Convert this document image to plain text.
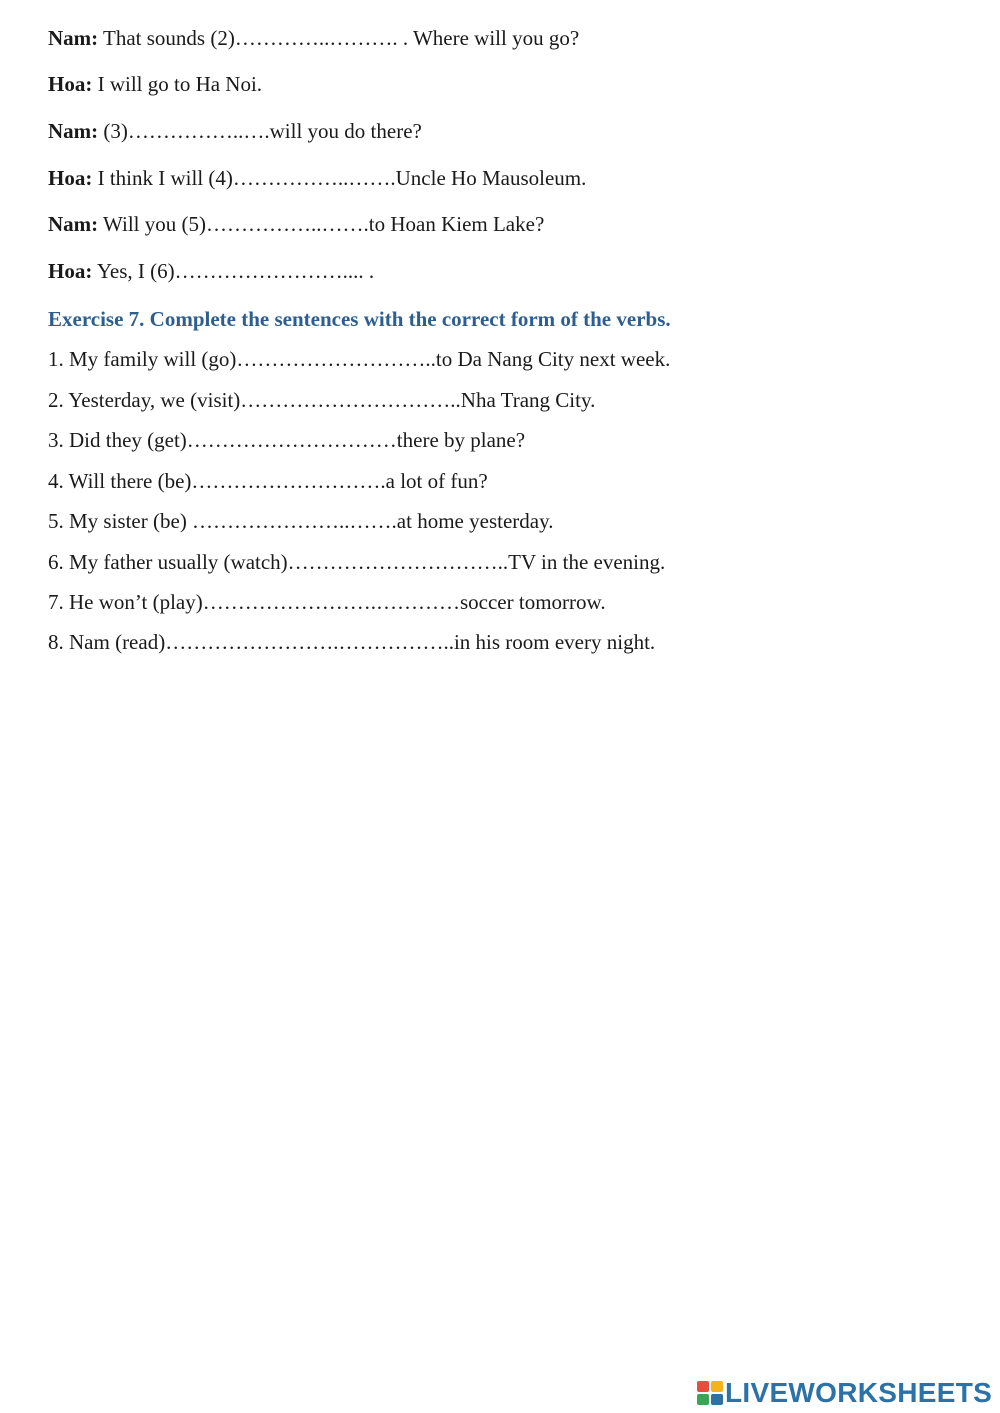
Nam: That sounds (2)…………..………. . Where will you go?
Hoa: I will go to Ha Noi.
Nam: (3)……………..….will you do there?
Hoa: I think I will (4)……………..…….Uncle Ho Mausoleum.
Nam: Will you (5)……………..…….to Hoan Kiem Lake?
Hoa: Yes, I (6)…………………….... .
Exercise 7. Complete the sentences with the correct form of the verbs.
1. My family will (go)………………………..to Da Nang City next week.
2. Yesterday, we (visit)…………………………..Nha Trang City.
3. Did they (get)…………………………there by plane?
4. Will there (be)……………………….a lot of fun?
5. My sister (be) …………………..…….at home yesterday.
6. My father usually (watch)…………………………..TV in the evening.
7. He won’t (play)…………………….…………soccer tomorrow.
8. Nam (read)…………………….……………..in his room every night.
LIVEWORKSHEETS
